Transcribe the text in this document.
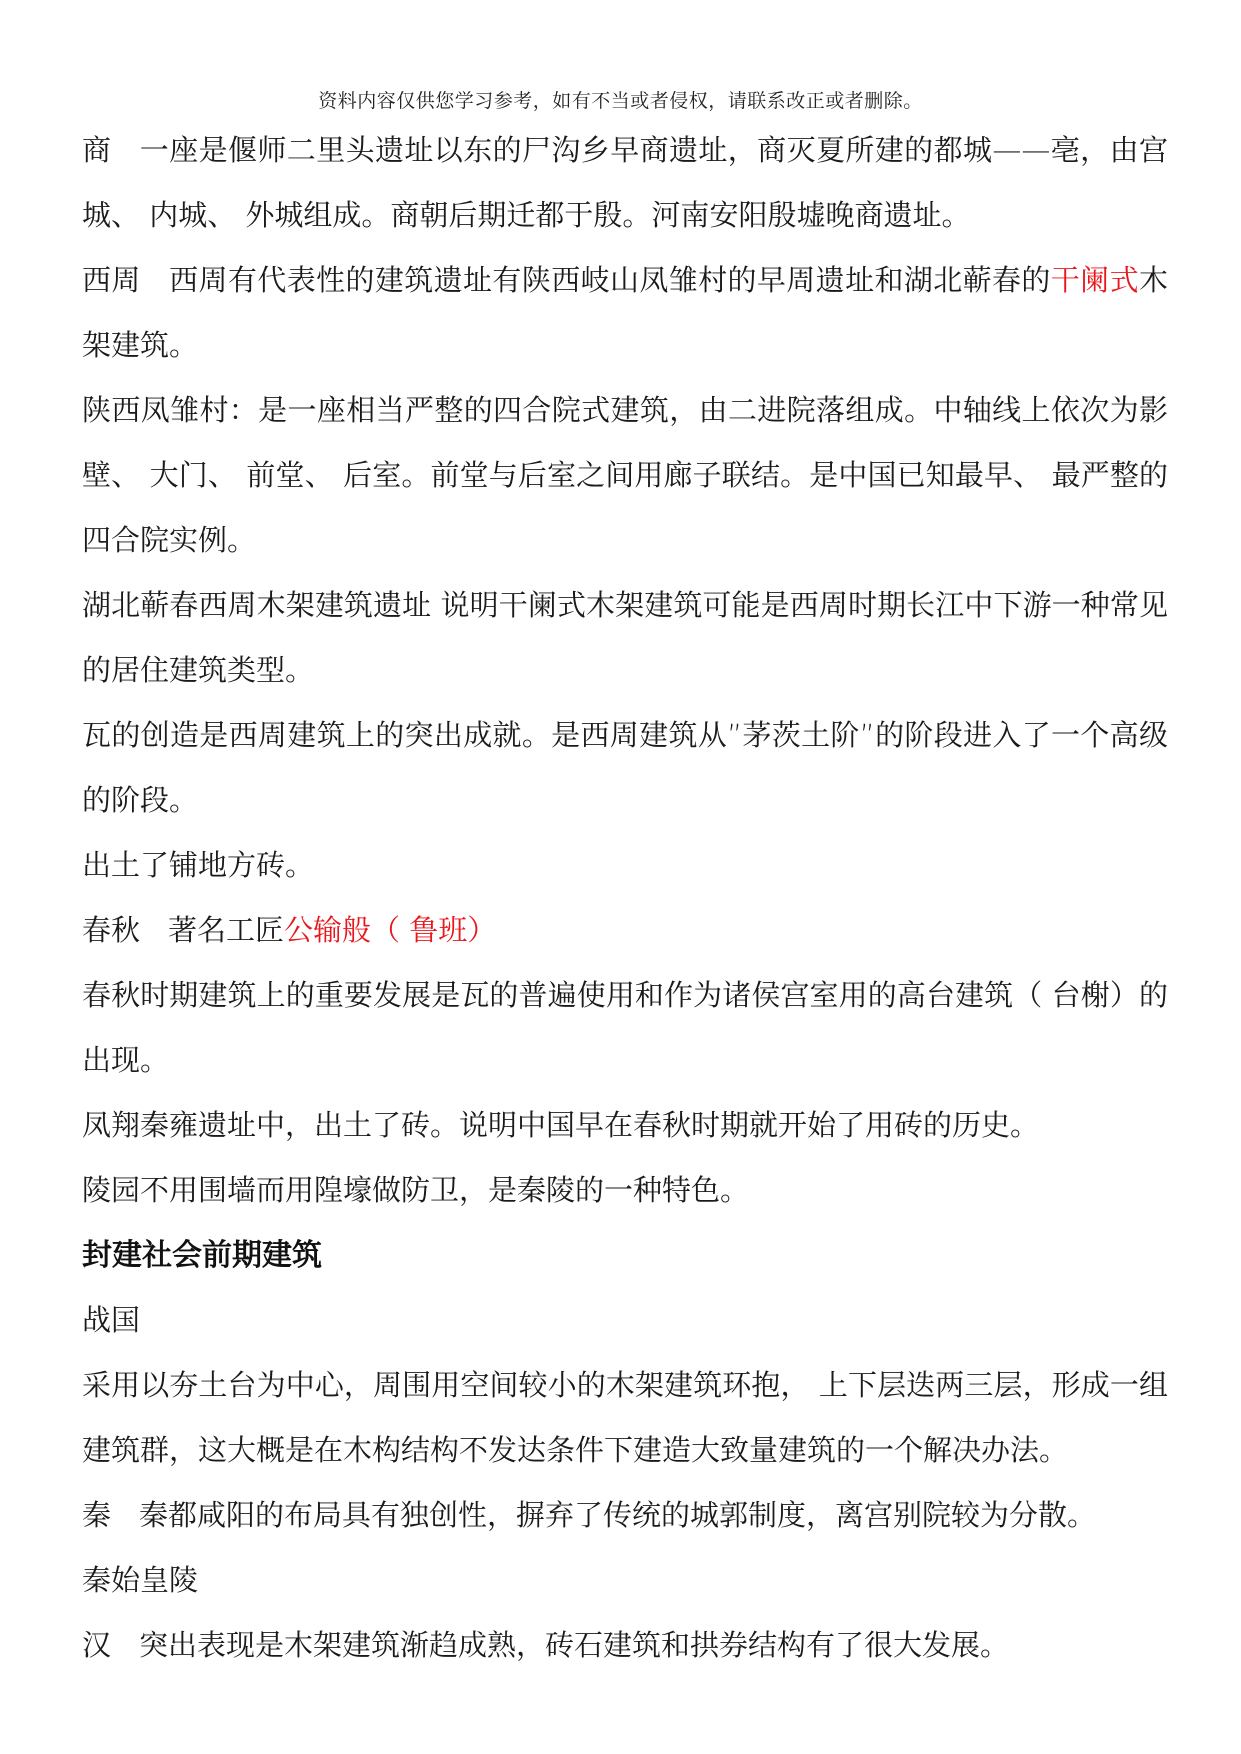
资料内容仅供您学习参考，如有不当或者侵权，请联系改正或者删除。

商 一座是偃师二里头遗址以东的尸沟乡早商遗址，商灭夏所建的都城——亳，由宫城、 内城、 外城组成。商朝后期迁都于殷。河南安阳殷墟晚商遗址。

西周 西周有代表性的建筑遗址有陕西岐山凤雏村的早周遗址和湖北蕲春的干阑式木架建筑。

陕西凤雏村：是一座相当严整的四合院式建筑，由二进院落组成。中轴线上依次为影壁、 大门、 前堂、 后室。前堂与后室之间用廊子联结。是中国已知最早、 最严整的四合院实例。

湖北蕲春西周木架建筑遗址 说明干阑式木架建筑可能是西周时期长江中下游一种常见的居住建筑类型。

瓦的创造是西周建筑上的突出成就。是西周建筑从”茅茨土阶”的阶段进入了一个高级的阶段。

出土了铺地方砖。

春秋 著名工匠公输般（ 鲁班）

春秋时期建筑上的重要发展是瓦的普遍使用和作为诸侯宫室用的高台建筑（ 台榭）的出现。

凤翔秦雍遗址中，出土了砖。说明中国早在春秋时期就开始了用砖的历史。

陵园不用围墙而用隍壕做防卫，是秦陵的一种特色。

封建社会前期建筑

战国

采用以夯土台为中心，周围用空间较小的木架建筑环抱， 上下层迭两三层，形成一组建筑群，这大概是在木构结构不发达条件下建造大致量建筑的一个解决办法。

秦 秦都咸阳的布局具有独创性，摒弃了传统的城郭制度，离宫别院较为分散。

秦始皇陵

汉 突出表现是木架建筑渐趋成熟，砖石建筑和拱券结构有了很大发展。
